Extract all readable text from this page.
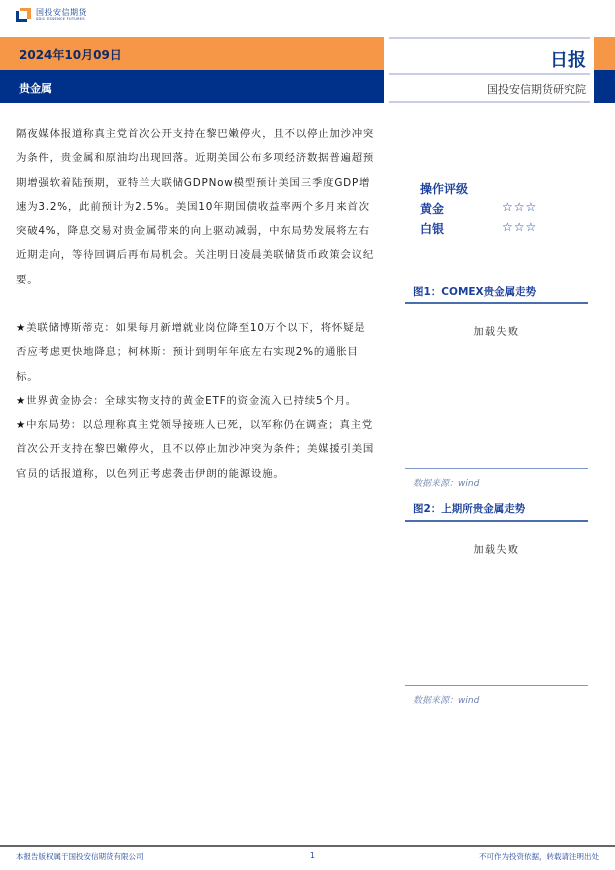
国投安信期货
SDIC ESSENCE FUTURES
2024年10月09日
贵金属
日报
国投安信期货研究院

隔夜媒体报道称真主党首次公开支持在黎巴嫩停火，且不以停止加沙冲突为条件，贵金属和原油均出现回落。近期美国公布多项经济数据普遍超预期增强软着陆预期，亚特兰大联储GDPNow模型预计美国三季度GDP增速为3.2%，此前预计为2.5%。美国10年期国债收益率两个多月来首次突破4%，降息交易对贵金属带来的向上驱动减弱，中东局势发展将左右近期走向，等待回调后再布局机会。关注明日凌晨美联储货币政策会议纪要。

★美联储博斯蒂克：如果每月新增就业岗位降至10万个以下，将怀疑是否应考虑更快地降息；柯林斯：预计到明年年底左右实现2%的通胀目标。

★世界黄金协会：全球实物支持的黄金ETF的资金流入已持续5个月。

★中东局势：以总理称真主党领导接班人已死，以军称仍在调查；真主党首次公开支持在黎巴嫩停火，且不以停止加沙冲突为条件；美媒援引美国官员的话报道称，以色列正考虑袭击伊朗的能源设施。

操作评级
黄金	☆☆☆
白银	☆☆☆
图1：COMEX贵金属走势
加载失败
数据来源：wind
图2：上期所贵金属走势
加载失败
数据来源：wind
本报告版权属于国投安信期货有限公司	1	不可作为投资依据，转载请注明出处
